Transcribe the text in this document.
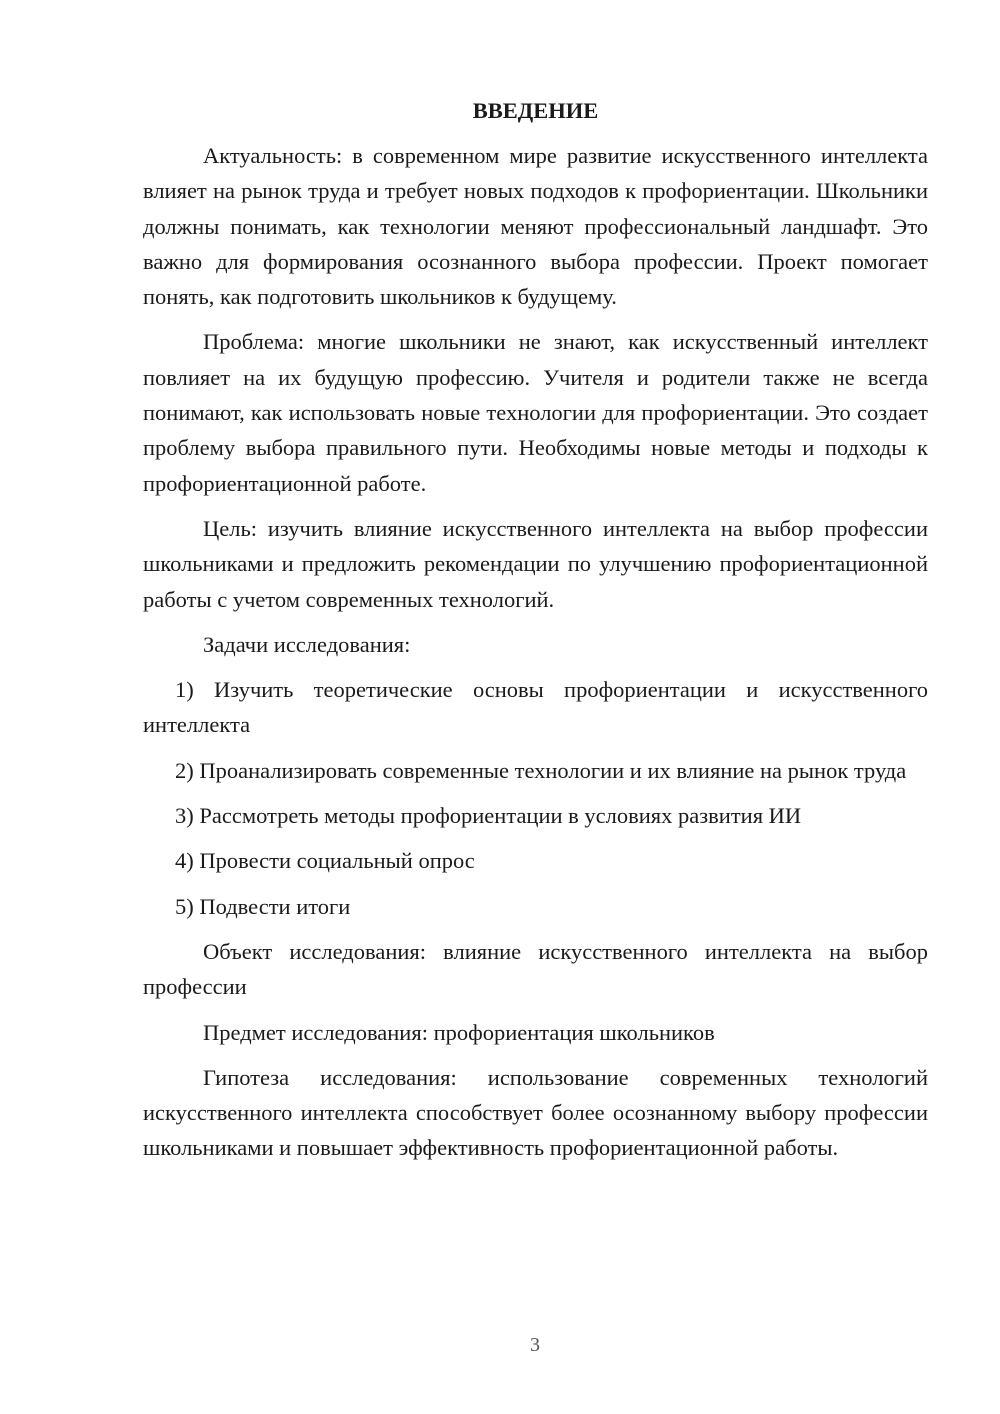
ВВЕДЕНИЕ

Актуальность: в современном мире развитие искусственного интеллекта влияет на рынок труда и требует новых подходов к профориентации. Школьники должны понимать, как технологии меняют профессиональный ландшафт. Это важно для формирования осознанного выбора профессии. Проект помогает понять, как подготовить школьников к будущему.

Проблема: многие школьники не знают, как искусственный интеллект повлияет на их будущую профессию. Учителя и родители также не всегда понимают, как использовать новые технологии для профориентации. Это создает проблему выбора правильного пути. Необходимы новые методы и подходы к профориентационной работе.

Цель: изучить влияние искусственного интеллекта на выбор профессии школьниками и предложить рекомендации по улучшению профориентационной работы с учетом современных технологий.

Задачи исследования:

1) Изучить теоретические основы профориентации и искусственного интеллекта

2) Проанализировать современные технологии и их влияние на рынок труда

3) Рассмотреть методы профориентации в условиях развития ИИ

4) Провести социальный опрос

5) Подвести итоги

Объект исследования: влияние искусственного интеллекта на выбор профессии

Предмет исследования: профориентация школьников

Гипотеза исследования: использование современных технологий искусственного интеллекта способствует более осознанному выбору профессии школьниками и повышает эффективность профориентационной работы.

3
